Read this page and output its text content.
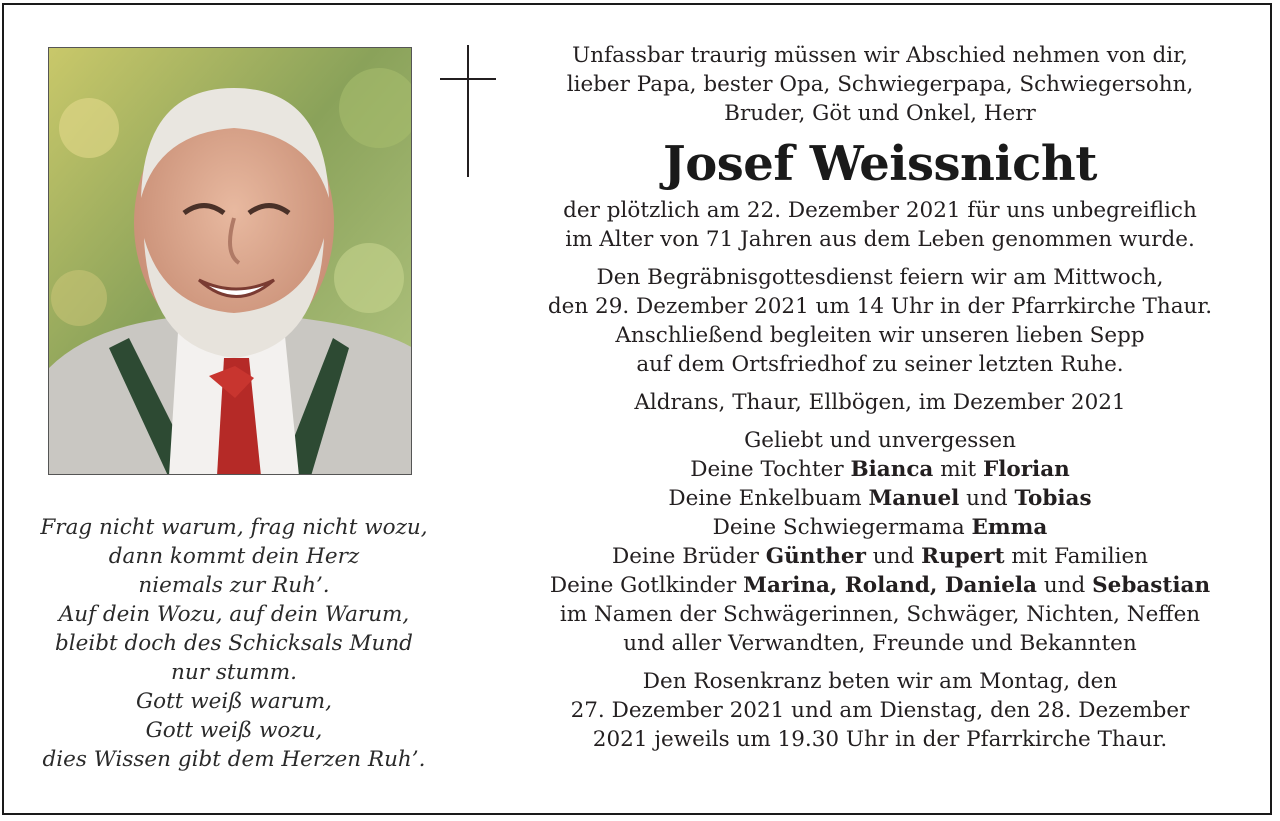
Frag nicht warum, frag nicht wozu,
dann kommt dein Herz
niemals zur Ruh’.
Auf dein Wozu, auf dein Warum,
bleibt doch des Schicksals Mund
nur stumm.
Gott weiß warum,
Gott weiß wozu,
dies Wissen gibt dem Herzen Ruh’.
Unfassbar traurig müssen wir Abschied nehmen von dir,
lieber Papa, bester Opa, Schwiegerpapa, Schwiegersohn,
Bruder, Göt und Onkel, Herr
Josef Weissnicht
der plötzlich am 22. Dezember 2021 für uns unbegreiflich
im Alter von 71 Jahren aus dem Leben genommen wurde.
Den Begräbnisgottesdienst feiern wir am Mittwoch,
den 29. Dezember 2021 um 14 Uhr in der Pfarrkirche Thaur.
Anschließend begleiten wir unseren lieben Sepp
auf dem Ortsfriedhof zu seiner letzten Ruhe.
Aldrans, Thaur, Ellbögen, im Dezember 2021
Geliebt und unvergessen
Deine Tochter Bianca mit Florian
Deine Enkelbuam Manuel und Tobias
Deine Schwiegermama Emma
Deine Brüder Günther und Rupert mit Familien
Deine Gotlkinder Marina, Roland, Daniela und Sebastian
im Namen der Schwägerinnen, Schwäger, Nichten, Neffen
und aller Verwandten, Freunde und Bekannten
Den Rosenkranz beten wir am Montag, den
27. Dezember 2021 und am Dienstag, den 28. Dezember
2021 jeweils um 19.30 Uhr in der Pfarrkirche Thaur.
